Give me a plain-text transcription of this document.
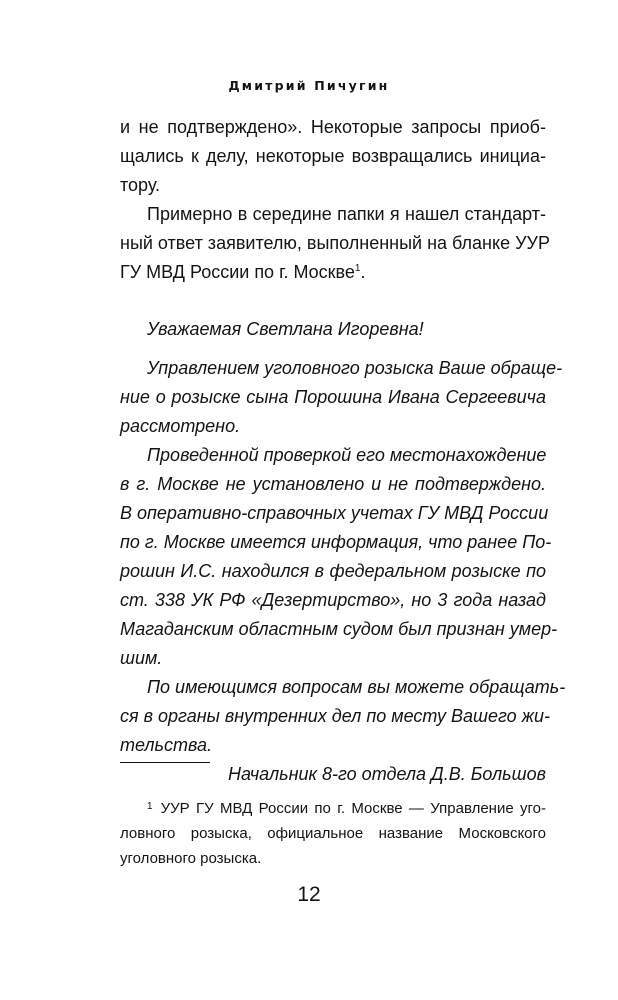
Дмитрий Пичугин
и не подтверждено». Некоторые запросы приоб-
щались к делу, некоторые возвращались инициа-
тору.
Примерно в середине папки я нашел стандарт-
ный ответ заявителю, выполненный на бланке УУР
ГУ МВД России по г. Москве$^1$.
Уважаемая Светлана Игоревна!
Управлением уголовного розыска Ваше обраще-
ние о розыске сына Порошина Ивана Сергеевича
рассмотрено.
Проведенной проверкой его местонахождение
в г. Москве не установлено и не подтверждено.
В оперативно-справочных учетах ГУ МВД России
по г. Москве имеется информация, что ранее По-
рошин И.С. находился в федеральном розыске по
ст. 338 УК РФ «Дезертирство», но 3 года назад
Магаданским областным судом был признан умер-
шим.
По имеющимся вопросам вы можете обращать-
ся в органы внутренних дел по месту Вашего жи-
тельства.
Начальник 8-го отдела Д.В. Большов
$^1$ УУР ГУ МВД России по г. Москве — Управление уго-
ловного розыска, официальное название Московского
уголовного розыска.
12
